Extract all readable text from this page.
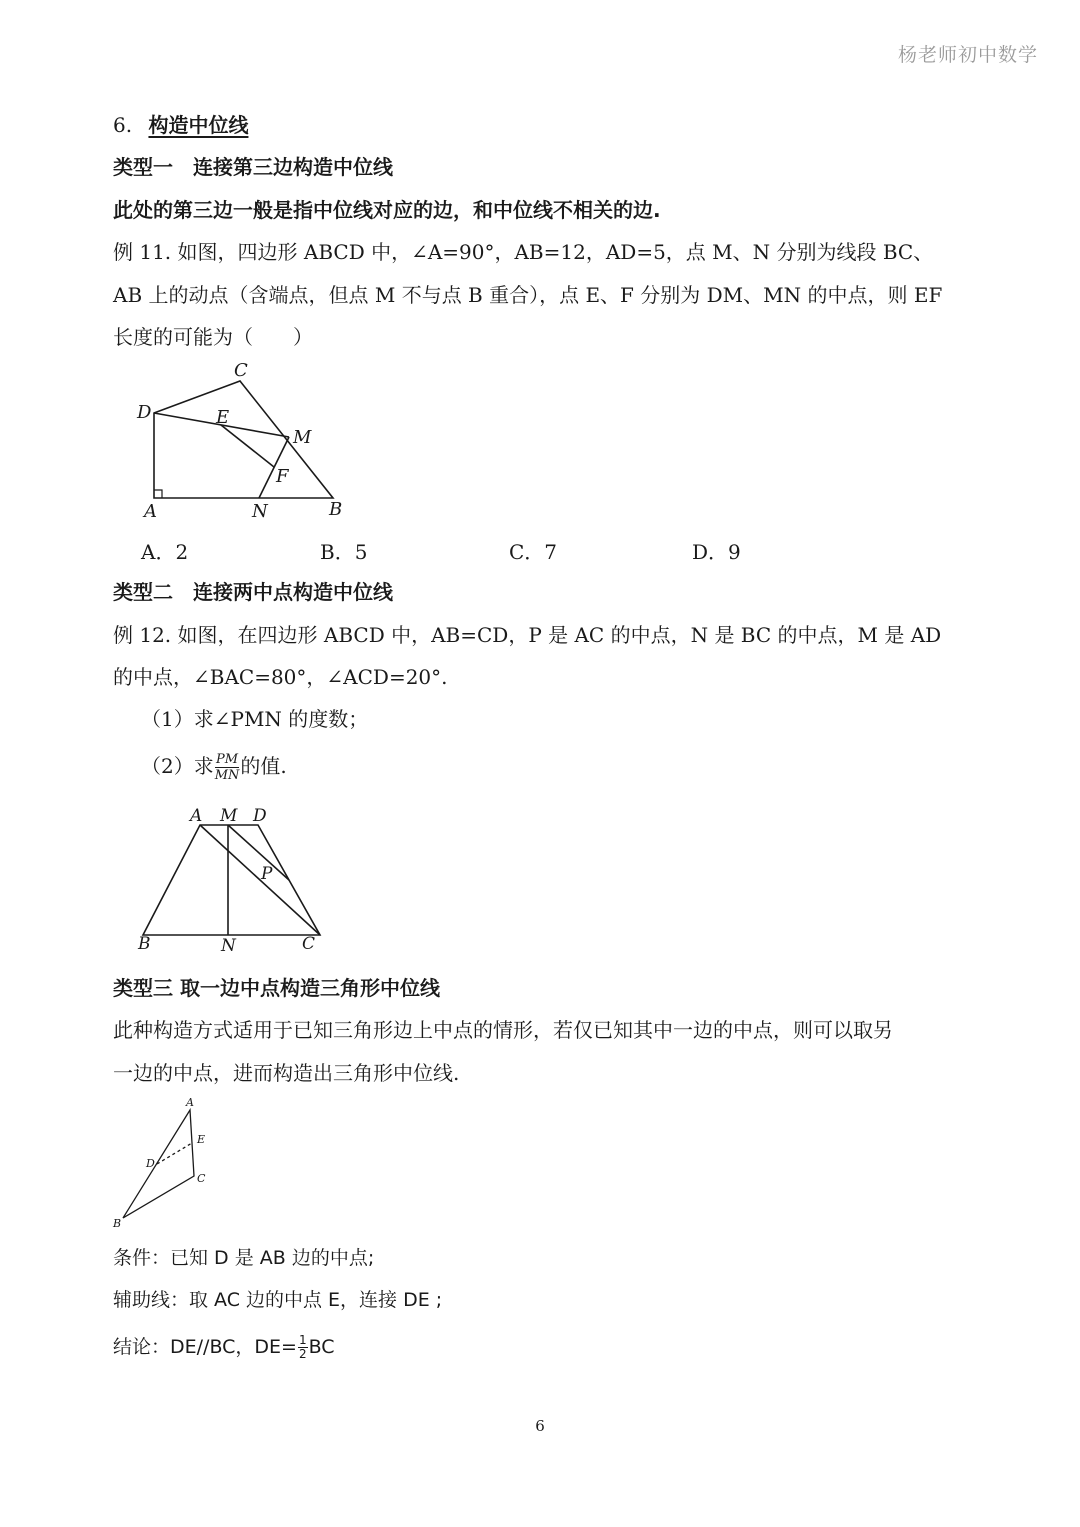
杨老师初中数学
6. 构造中位线
类型一　连接第三边构造中位线
此处的第三边一般是指中位线对应的边，和中位线不相关的边.
例 11. 如图，四边形 ABCD 中，∠A=90°，AB=12，AD=5，点 M、N 分别为线段 BC、
AB 上的动点（含端点，但点 M 不与点 B 重合），点 E、F 分别为 DM、MN 的中点，则 EF
长度的可能为（　　）
C
D	E
M
F
A	N	B
A．2	B．5	C．7	D．9
类型二　连接两中点构造中位线
例 12. 如图，在四边形 ABCD 中，AB=CD，P 是 AC 的中点，N 是 BC 的中点，M 是 AD
的中点，∠BAC=80°，∠ACD=20°.
（1）求∠PMN 的度数；
（2）求 $\frac{PM}{MN}$ 的值.
A M D
P
B	N	C
类型三 取一边中点构造三角形中位线
此种构造方式适用于已知三角形边上中点的情形，若仅已知其中一边的中点，则可以取另
一边的中点，进而构造出三角形中位线.
A
E
D
C
B
条件：已知 D 是 AB 边的中点;
辅助线：取 AC 边的中点 E，连接 DE ;
结论：DE//BC，$DE= \frac{1}{2}$ BC
6
